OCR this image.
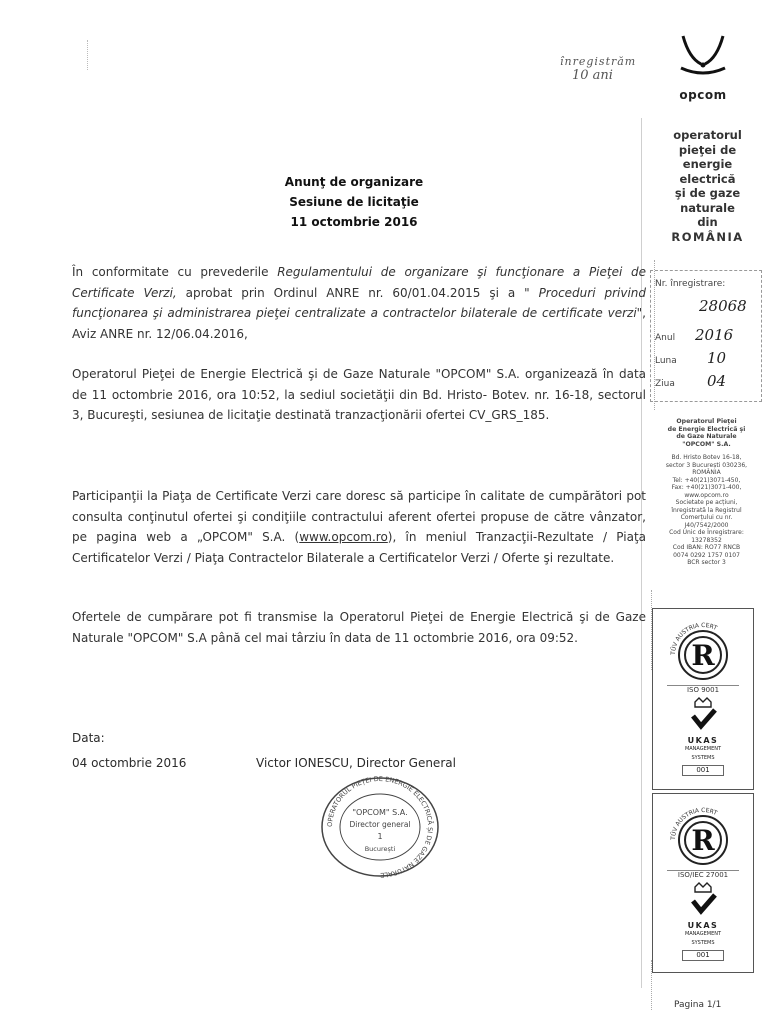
înregistrăm
10 ani
opcom
operatorul
pieţei de
energie
electrică
şi de gaze
naturale
din
ROMÂNIA
Nr. înregistrare:
28068
Anul 2016
Luna 10
Ziua 04
Operatorul Pieţei
de Energie Electrică şi
de Gaze Naturale
"OPCOM" S.A.
Bd. Hristo Botev 16-18,
sector 3 București 030236,
ROMÂNIA
Tel: +40(21)3071-450,
Fax: +40(21)3071-400,
www.opcom.ro
Societate pe acțiuni,
înregistrată la Registrul
Comerțului cu nr.
J40/7542/2000
Cod Unic de Înregistrare:
13278352
Cod IBAN: RO77 RNCB
0074 0292 1757 0107
BCR sector 3
R
TÜV AUSTRIA CERT
ISO 9001
UKAS
MANAGEMENT
SYSTEMS
001
R
TÜV AUSTRIA CERT
ISO/IEC 27001
UKAS
MANAGEMENT
SYSTEMS
001
Anunţ de organizare
Sesiune de licitaţie
11 octombrie 2016
În conformitate cu prevederile Regulamentului de organizare şi funcţionare a Pieţei de Certificate Verzi, aprobat prin Ordinul ANRE nr. 60/01.04.2015 şi a " Proceduri privind funcţionarea şi administrarea pieţei centralizate a contractelor bilaterale de certificate verzi", Aviz ANRE nr. 12/06.04.2016,
Operatorul Pieţei de Energie Electrică şi de Gaze Naturale "OPCOM" S.A. organizează în data de 11 octombrie 2016, ora 10:52, la sediul societăţii din Bd. Hristo- Botev. nr. 16-18, sectorul 3, Bucureşti, sesiunea de licitaţie destinată tranzacţionării ofertei CV_GRS_185.
Participanţii la Piaţa de Certificate Verzi care doresc să participe în calitate de cumpărători pot consulta conţinutul ofertei şi condiţiile contractului aferent ofertei propuse de către vânzator, pe pagina web a „OPCOM" S.A. (www.opcom.ro), în meniul Tranzacţii-Rezultate / Piaţa Certificatelor Verzi / Piaţa Contractelor Bilaterale a Certificatelor Verzi / Oferte şi rezultate.
Ofertele de cumpărare pot fi transmise la Operatorul Pieţei de Energie Electrică şi de Gaze Naturale "OPCOM" S.A până cel mai târziu în data de 11 octombrie 2016, ora 09:52.
Data:
04 octombrie 2016	Victor IONESCU, Director General
OPERATORUL PIEȚEI DE ENERGIE ELECTRICĂ ȘI DE GAZE NATURALE
"OPCOM" S.A.
Director general
1
București
Pagina 1/1
